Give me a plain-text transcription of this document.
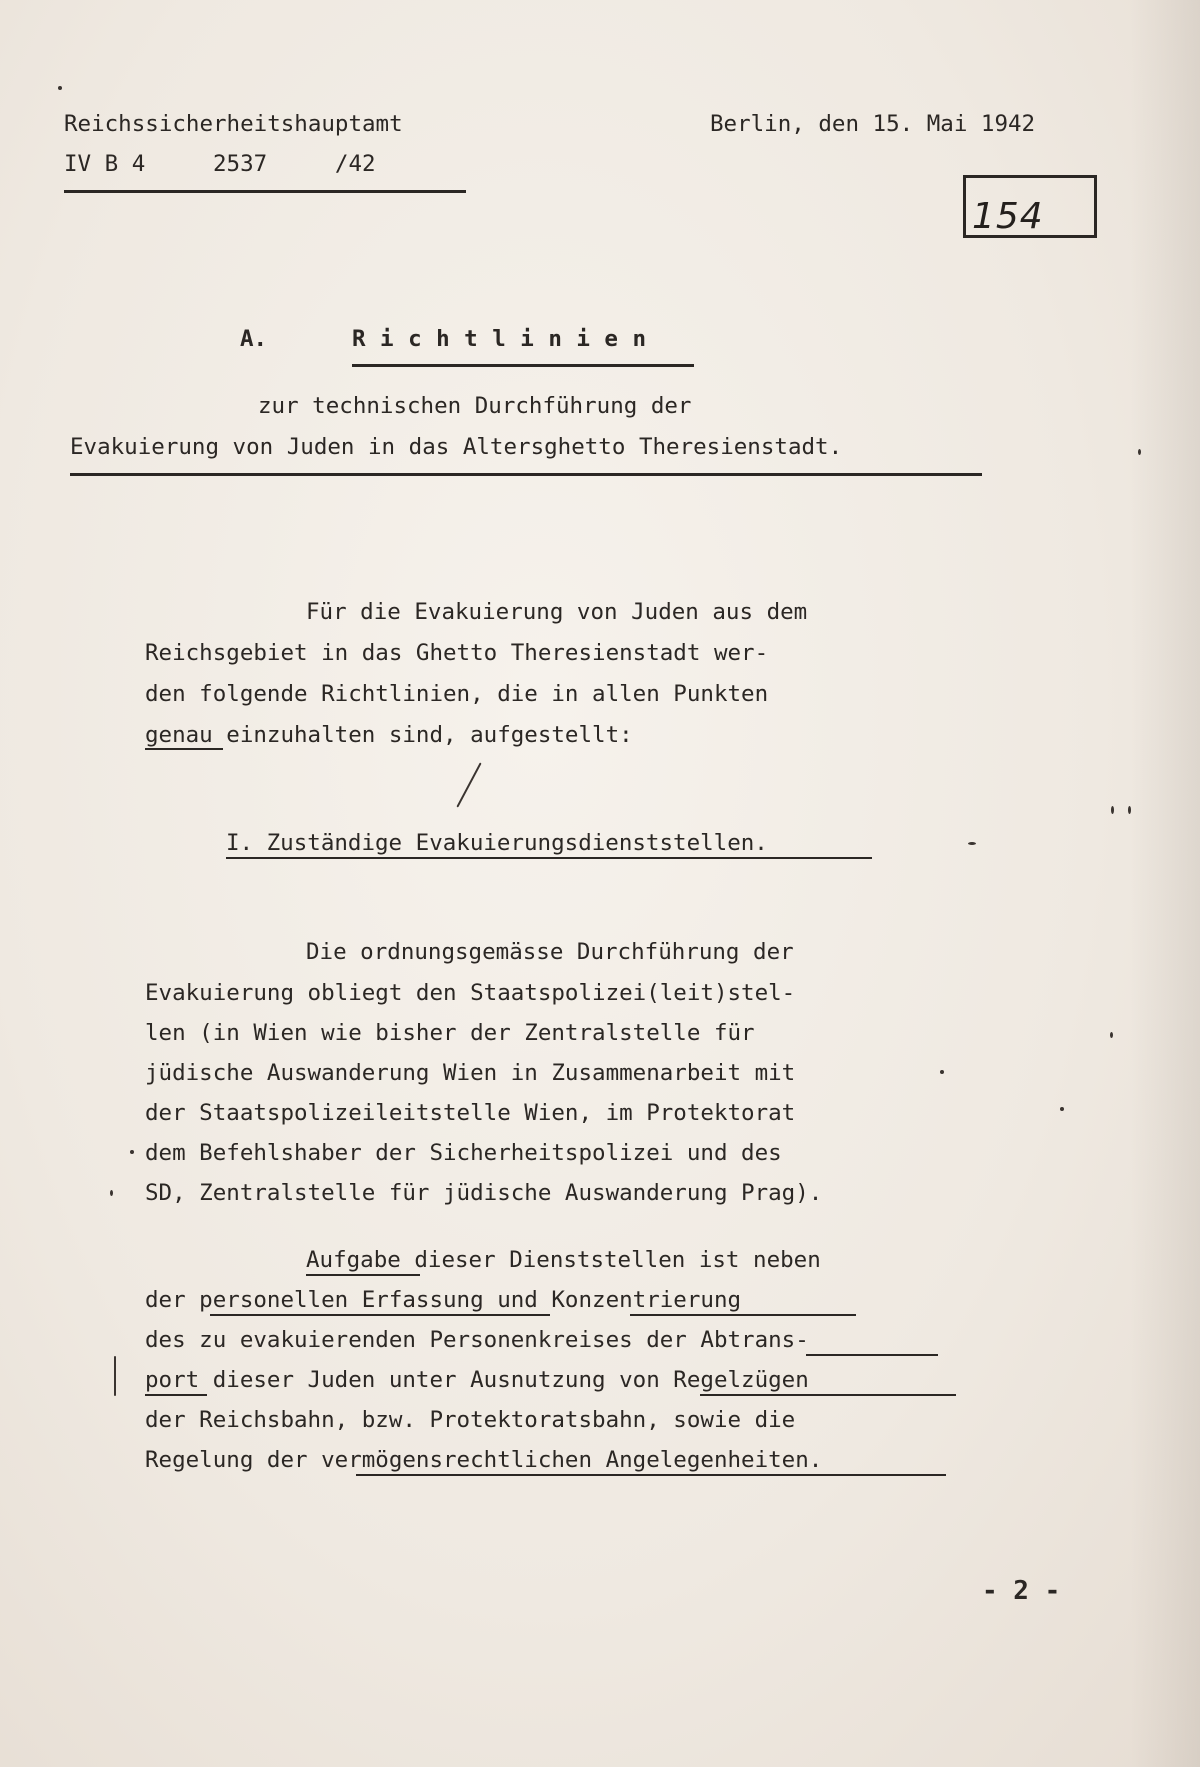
Reichssicherheitshauptamt
IV B 4     2537     /42
Berlin, den 15. Mai 1942
154
A.	Richtlinien
zur technischen Durchführung der
Evakuierung von Juden in das Altersghetto Theresienstadt.
Für die Evakuierung von Juden aus dem
Reichsgebiet in das Ghetto Theresienstadt wer-
den folgende Richtlinien, die in allen Punkten
genau einzuhalten sind, aufgestellt:
I. Zuständige Evakuierungsdienststellen.
Die ordnungsgemässe Durchführung der
Evakuierung obliegt den Staatspolizei(leit)stel-
len (in Wien wie bisher der Zentralstelle für
jüdische Auswanderung Wien in Zusammenarbeit mit
der Staatspolizeileitstelle Wien, im Protektorat
dem Befehlshaber der Sicherheitspolizei und des
SD, Zentralstelle für jüdische Auswanderung Prag).
Aufgabe dieser Dienststellen ist neben
der personellen Erfassung und Konzentrierung
des zu evakuierenden Personenkreises der Abtrans-
port dieser Juden unter Ausnutzung von Regelzügen
der Reichsbahn, bzw. Protektoratsbahn, sowie die
Regelung der vermögensrechtlichen Angelegenheiten.
- 2 -
